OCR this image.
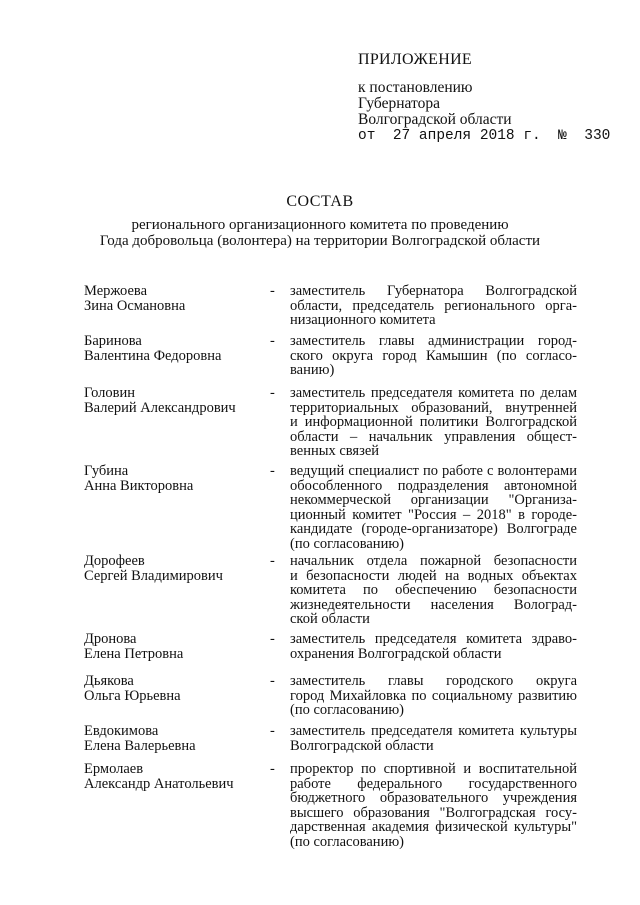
ПРИЛОЖЕНИЕ
к постановлению
Губернатора
Волгоградской области
от 27 апреля 2018 г. № 330
СОСТАВ
регионального организационного комитета по проведению
Года добровольца (волонтера) на территории Волгоградской области
Мержоева
Зина Османовна
- заместитель Губернатора Волгоградской
области, председатель регионального орга-
низационного комитета
Баринова
Валентина Федоровна
- заместитель главы администрации город-
ского округа город Камышин (по согласо-
ванию)
Головин
Валерий Александрович
- заместитель председателя комитета по делам
территориальных образований, внутренней
и информационной политики Волгоградской
области – начальник управления общест-
венных связей
Губина
Анна Викторовна
- ведущий специалист по работе с волонтерами
обособленного подразделения автономной
некоммерческой организации "Организа-
ционный комитет "Россия – 2018" в городе-
кандидате (городе-организаторе) Волгограде
(по согласованию)
Дорофеев
Сергей Владимирович
- начальник отдела пожарной безопасности
и безопасности людей на водных объектах
комитета по обеспечению безопасности
жизнедеятельности населения Волоград-
ской области
Дронова
Елена Петровна
- заместитель председателя комитета здраво-
охранения Волгоградской области
Дьякова
Ольга Юрьевна
- заместитель главы городского округа
город Михайловка по социальному развитию
(по согласованию)
Евдокимова
Елена Валерьевна
- заместитель председателя комитета культуры
Волгоградской области
Ермолаев
Александр Анатольевич
- проректор по спортивной и воспитательной
работе федерального государственного
бюджетного образовательного учреждения
высшего образования "Волгоградская госу-
дарственная академия физической культуры"
(по согласованию)
